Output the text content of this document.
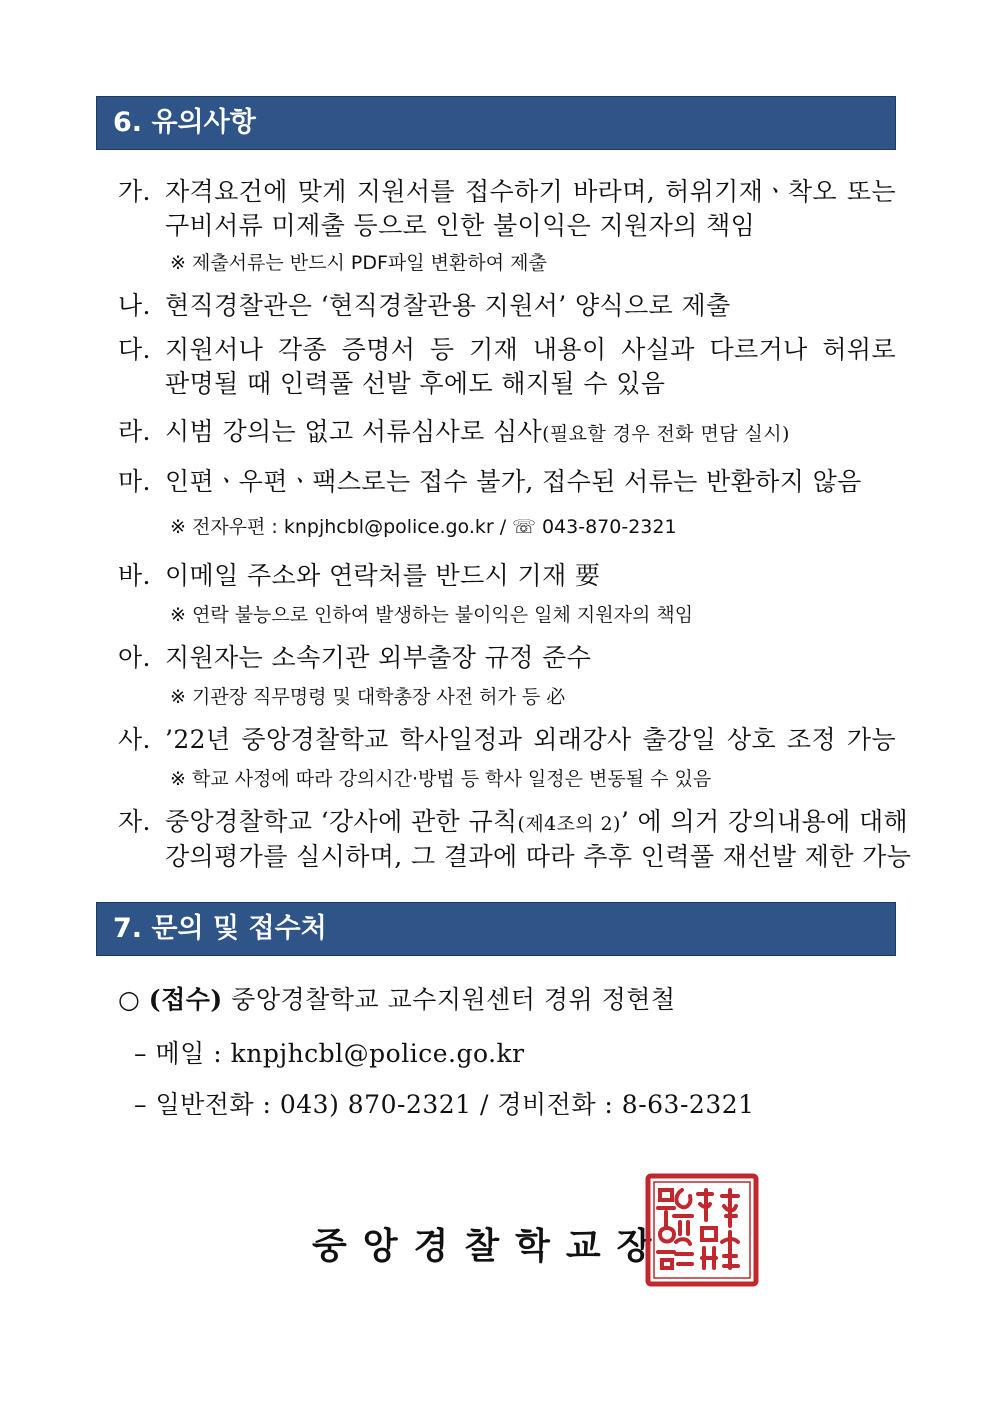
6. 유의사항
가. 자격요건에 맞게 지원서를 접수하기 바라며, 허위기재ㆍ착오 또는
구비서류 미제출 등으로 인한 불이익은 지원자의 책임
※ 제출서류는 반드시 PDF파일 변환하여 제출
나. 현직경찰관은 ‘현직경찰관용 지원서’ 양식으로 제출
다. 지원서나 각종 증명서 등 기재 내용이 사실과 다르거나 허위로
판명될 때 인력풀 선발 후에도 해지될 수 있음
라. 시범 강의는 없고 서류심사로 심사(필요할 경우 전화 면담 실시)
마. 인편ㆍ우편ㆍ팩스로는 접수 불가, 접수된 서류는 반환하지 않음
※ 전자우편 : knpjhcbl@police.go.kr / ☏ 043-870-2321
바. 이메일 주소와 연락처를 반드시 기재 要
※ 연락 불능으로 인하여 발생하는 불이익은 일체 지원자의 책임
아. 지원자는 소속기관 외부출장 규정 준수
※ 기관장 직무명령 및 대학총장 사전 허가 등 必
사. ’22년 중앙경찰학교 학사일정과 외래강사 출강일 상호 조정 가능
※ 학교 사정에 따라 강의시간·방법 등 학사 일정은 변동될 수 있음
자. 중앙경찰학교 ‘강사에 관한 규칙(제4조의 2)’ 에 의거 강의내용에 대해
강의평가를 실시하며, 그 결과에 따라 추후 인력풀 재선발 제한 가능
7. 문의 및 접수처
○ (접수) 중앙경찰학교 교수지원센터 경위 정현철
– 메일 : knpjhcbl@police.go.kr
– 일반전화 : 043) 870-2321 / 경비전화 : 8-63-2321
중앙경찰학교장
